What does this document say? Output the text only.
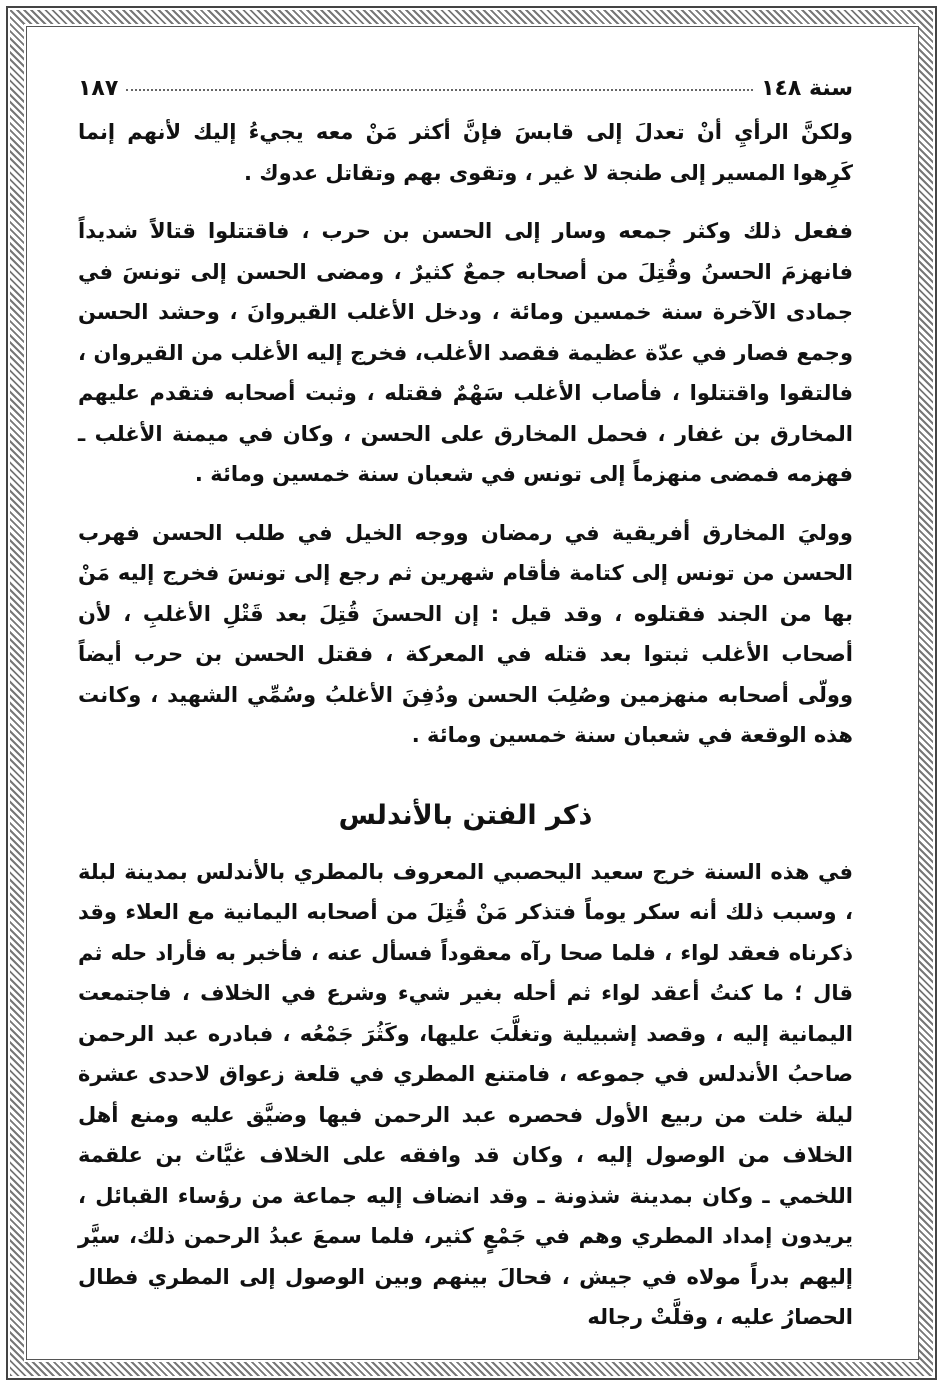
سنة ١٤٨
١٨٧

ولكنَّ الرأيِ أنْ تعدلَ إلى قابسَ فإنَّ أكثر مَنْ معه يجيءُ إليك لأنهم إنما كَرِهوا المسير إلى طنجة لا غير ، وتقوى بهم وتقاتل عدوك .

ففعل ذلك وكثر جمعه وسار إلى الحسن بن حرب ، فاقتتلوا قتالاً شديداً فانهزمَ الحسنُ وقُتِلَ من أصحابه جمعٌ كثيرٌ ، ومضى الحسن إلى تونسَ في جمادى الآخرة سنة خمسين ومائة ، ودخل الأغلب القيروانَ ، وحشد الحسن وجمع فصار في عدّة عظيمة فقصد الأغلب، فخرج إليه الأغلب من القيروان ، فالتقوا واقتتلوا ، فأصاب الأغلب سَهْمٌ فقتله ، وثبت أصحابه فتقدم عليهم المخارق بن غفار ، فحمل المخارق على الحسن ، وكان في ميمنة الأغلب ـ فهزمه فمضى منهزماً إلى تونس في شعبان سنة خمسين ومائة .

ووليَ المخارق أفريقية في رمضان ووجه الخيل في طلب الحسن فهرب الحسن من تونس إلى كتامة فأقام شهرين ثم رجع إلى تونسَ فخرج إليه مَنْ بها من الجند فقتلوه ، وقد قيل : إن الحسنَ قُتِلَ بعد قَتْلِ الأغلبِ ، لأن أصحاب الأغلب ثبتوا بعد قتله في المعركة ، فقتل الحسن بن حرب أيضاً وولّى أصحابه منهزمين وصُلِبَ الحسن ودُفِنَ الأغلبُ وسُمِّي الشهيد ، وكانت هذه الوقعة في شعبان سنة خمسين ومائة .

ذكر الفتن بالأندلس

في هذه السنة خرج سعيد اليحصبي المعروف بالمطري بالأندلس بمدينة لبلة ، وسبب ذلك أنه سكر يوماً فتذكر مَنْ قُتِلَ من أصحابه اليمانية مع العلاء وقد ذكرناه فعقد لواء ، فلما صحا رآه معقوداً فسأل عنه ، فأخبر به فأراد حله ثم قال ؛ ما كنتُ أعقد لواء ثم أحله بغير شيء وشرع في الخلاف ، فاجتمعت اليمانية إليه ، وقصد إشبيلية وتغلَّبَ عليها، وكَثُرَ جَمْعُه ، فبادره عبد الرحمن صاحبُ الأندلس في جموعه ، فامتنع المطري في قلعة زعواق لاحدى عشرة ليلة خلت من ربيع الأول فحصره عبد الرحمن فيها وضيَّق عليه ومنع أهل الخلاف من الوصول إليه ، وكان قد وافقه على الخلاف غيَّاث بن علقمة اللخمي ـ وكان بمدينة شذونة ـ وقد انضاف إليه جماعة من رؤساء القبائل ، يريدون إمداد المطري وهم في جَمْعٍ كثير، فلما سمعَ عبدُ الرحمن ذلك، سيَّر إليهم بدراً مولاه في جيش ، فحالَ بينهم وبين الوصول إلى المطري فطال الحصارُ عليه ، وقلَّتْ رجاله
